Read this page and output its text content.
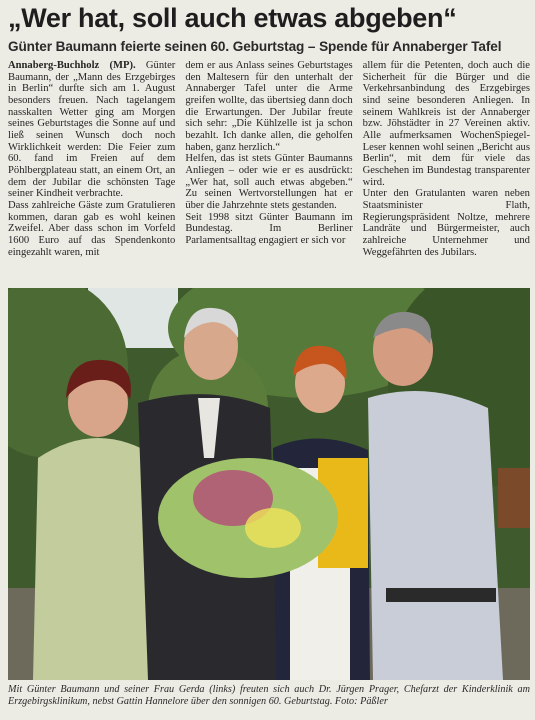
„Wer hat, soll auch etwas abgeben“
Günter Baumann feierte seinen 60. Geburtstag – Spende für Annaberger Tafel

Annaberg-Buchholz (MP). Günter Baumann, der „Mann des Erzgebirges in Berlin“ durfte sich am 1. August besonders freuen. Nach tagelangem nasskalten Wetter ging am Morgen seines Geburtstages die Sonne auf und ließ seinen Wunsch doch noch Wirklichkeit werden: Die Feier zum 60. fand im Freien auf dem Pöhlbergplateau statt, an einem Ort, an dem der Jubilar die schönsten Tage seiner Kindheit verbrachte.

Dass zahlreiche Gäste zum Gratulieren kommen, daran gab es wohl keinen Zweifel. Aber dass schon im Vorfeld 1600 Euro auf das Spendenkonto eingezahlt waren, mit

dem er aus Anlass seines Geburtstages den Maltesern für den unterhalt der Annaberger Tafel unter die Arme greifen wollte, das übertsieg dann doch die Erwartungen. Der Jubilar freute sich sehr: „Die Kühlzelle ist ja schon bezahlt. Ich danke allen, die geholfen haben, ganz herzlich.“

Helfen, das ist stets Günter Baumanns Anliegen – oder wie er es ausdrückt: „Wer hat, soll auch etwas abgeben.“ Zu seinen Wertvorstellungen hat er über die Jahrzehnte stets gestanden.

Seit 1998 sitzt Günter Baumann im Bundestag. Im Berliner Parlamentsalltag engagiert er sich vor

allem für die Petenten, doch auch die Sicherheit für die Bürger und die Verkehrsanbindung des Erzgebirges sind seine besonderen Anliegen. In seinem Wahlkreis ist der Annaberger bzw. Jöhstädter in 27 Vereinen aktiv. Alle aufmerksamen WochenSpiegel-Leser kennen wohl seinen „Bericht aus Berlin“, mit dem für viele das Geschehen im Bundestag transparenter wird.

Unter den Gratulanten waren neben Staatsminister Flath, Regierungspräsident Noltze, mehrere Landräte und Bürgermeister, auch zahlreiche Unternehmer und Weggefährten des Jubilars.

Mit Günter Baumann und seiner Frau Gerda (links) freuten sich auch Dr. Jürgen Prager, Chefarzt der Kinderklinik am Erzgebirgsklinikum, nebst Gattin Hannelore über den sonnigen 60. Geburtstag. Foto: Päßler
